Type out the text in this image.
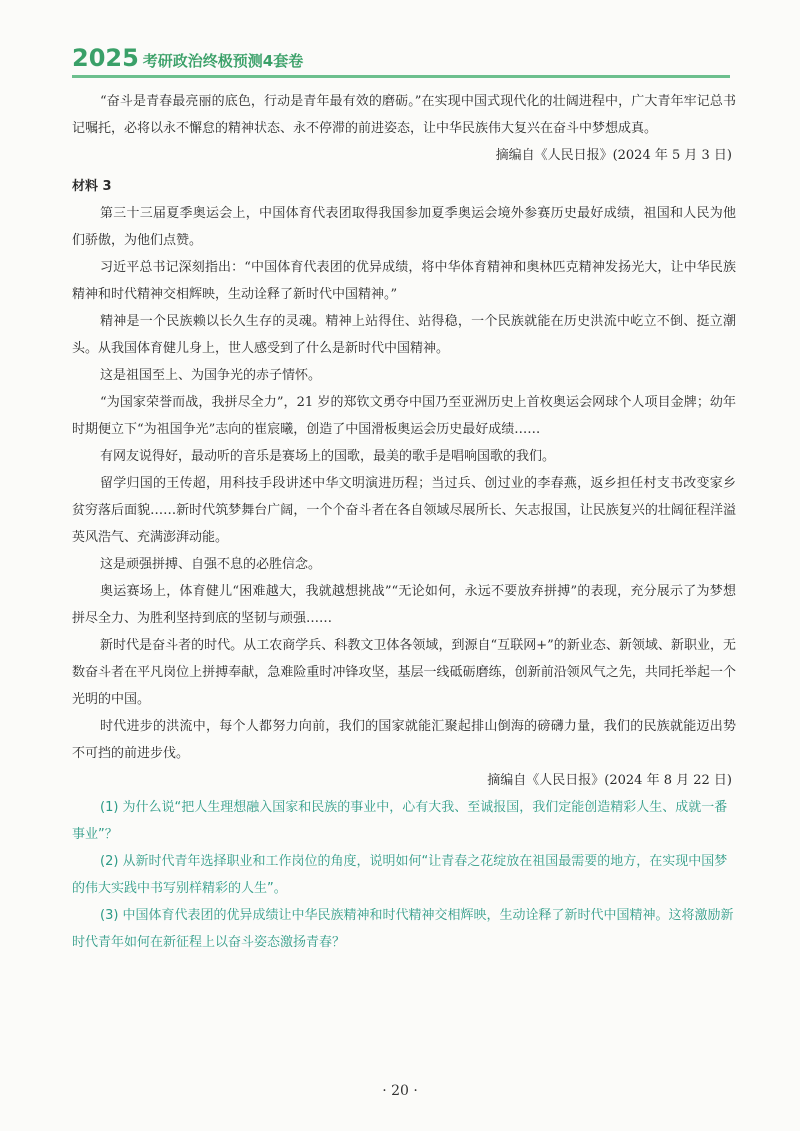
2025 考研政治终极预测4套卷

“奋斗是青春最亮丽的底色，行动是青年最有效的磨砺。”在实现中国式现代化的壮阔进程中，广大青年牢记总书记嘱托，必将以永不懈怠的精神状态、永不停滞的前进姿态，让中华民族伟大复兴在奋斗中梦想成真。

摘编自《人民日报》(2024 年 5 月 3 日)

材料 3

第三十三届夏季奥运会上，中国体育代表团取得我国参加夏季奥运会境外参赛历史最好成绩，祖国和人民为他们骄傲，为他们点赞。

习近平总书记深刻指出：“中国体育代表团的优异成绩，将中华体育精神和奥林匹克精神发扬光大，让中华民族精神和时代精神交相辉映，生动诠释了新时代中国精神。”

精神是一个民族赖以长久生存的灵魂。精神上站得住、站得稳，一个民族就能在历史洪流中屹立不倒、挺立潮头。从我国体育健儿身上，世人感受到了什么是新时代中国精神。

这是祖国至上、为国争光的赤子情怀。

“为国家荣誉而战，我拼尽全力”，21 岁的郑钦文勇夺中国乃至亚洲历史上首枚奥运会网球个人项目金牌；幼年时期便立下“为祖国争光”志向的崔宸曦，创造了中国滑板奥运会历史最好成绩……

有网友说得好，最动听的音乐是赛场上的国歌，最美的歌手是唱响国歌的我们。

留学归国的王传超，用科技手段讲述中华文明演进历程；当过兵、创过业的李春燕，返乡担任村支书改变家乡贫穷落后面貌……新时代筑梦舞台广阔，一个个奋斗者在各自领域尽展所长、矢志报国，让民族复兴的壮阔征程洋溢英风浩气、充满澎湃动能。

这是顽强拼搏、自强不息的必胜信念。

奥运赛场上，体育健儿“困难越大，我就越想挑战”“无论如何，永远不要放弃拼搏”的表现，充分展示了为梦想拼尽全力、为胜利坚持到底的坚韧与顽强……

新时代是奋斗者的时代。从工农商学兵、科教文卫体各领域，到源自“互联网+”的新业态、新领域、新职业，无数奋斗者在平凡岗位上拼搏奉献，急难险重时冲锋攻坚，基层一线砥砺磨练，创新前沿领风气之先，共同托举起一个光明的中国。

时代进步的洪流中，每个人都努力向前，我们的国家就能汇聚起排山倒海的磅礴力量，我们的民族就能迈出势不可挡的前进步伐。

摘编自《人民日报》(2024 年 8 月 22 日)

(1) 为什么说“把人生理想融入国家和民族的事业中，心有大我、至诚报国，我们定能创造精彩人生、成就一番事业”？

(2) 从新时代青年选择职业和工作岗位的角度，说明如何“让青春之花绽放在祖国最需要的地方，在实现中国梦的伟大实践中书写别样精彩的人生”。

(3) 中国体育代表团的优异成绩让中华民族精神和时代精神交相辉映，生动诠释了新时代中国精神。这将激励新时代青年如何在新征程上以奋斗姿态激扬青春？

· 20 ·
